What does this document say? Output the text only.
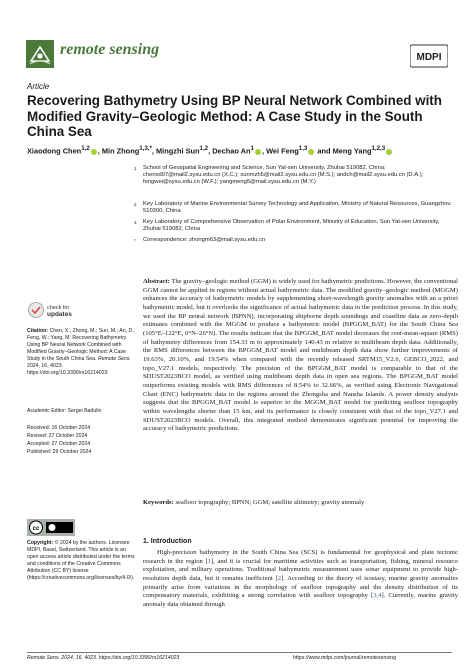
remote sensing	MDPI
Article
Recovering Bathymetry Using BP Neural Network Combined with Modified Gravity–Geologic Method: A Case Study in the South China Sea
Xiaodong Chen$^{1,2}$ , Min Zhong$^{1,3,*}$, Mingzhi Sun$^{1,2}$, Dechao An$^1$ , Wei Feng$^{1,3}$ and Meng Yang$^{1,2,3}$
1 School of Geospatial Engineering and Science, Sun Yat-sen University, Zhuhai 519082, China; chenxd97@mail2.sysu.edu.cn (X.C.); sunmzh5@mail2.sysu.edu.cn (M.S.); andch@mail2.sysu.edu.cn (D.A.); fengwei@sysu.edu.cn (W.F.); yangmeng5@mail.sysu.edu.cn (M.Y.)
2 Key Laboratory of Marine Environmental Survey Technology and Application, Ministry of Natural Resources, Guangzhou 510300, China
3 Key Laboratory of Comprehensive Observation of Polar Environment, Ministry of Education, Sun Yat-sen University, Zhuhai 519082, China
* Correspondence: zhongm63@mail.sysu.edu.cn
Abstract: The gravity–geologic method (GGM) is widely used for bathymetric predictions. However, the conventional GGM cannot be applied in regions without actual bathymetric data. The modified gravity–geologic method (MGGM) enhances the accuracy of bathymetric models by supplementing short-wavelength gravity anomalies with an a priori bathymetric model, but it overlooks the significance of actual bathymetric data in the prediction process. In this study, we used the BP neural network (BPNN), incorporating shipborne depth soundings and coastline data as zero-depth estimates combined with the MGGM to produce a bathymetric model (BPGGM_BAT) for the South China Sea (105°E–122°E, 0°N–26°N). The results indicate that the BPGGM_BAT model decreases the root-mean-square (RMS) of bathymetry differences from 154.33 m to approximately 140.43 m relative to multibeam depth data. Additionally, the RMS differences between the BPGGM_BAT model and multibeam depth data show further improvements of 19.63%, 20.10%, and 19.54% when compared with the recently released SRTM15_V2.6, GEBCO_2022, and topo_V27.1 models, respectively. The precision of the BPGGM_BAT model is comparable to that of the SDUST2023BCO model, as verified using multibeam depth data in open sea regions. The BPGGM_BAT model outperforms existing models with RMS differences of 8.54% to 32.66%, as verified using Electronic Navigational Chart (ENC) bathymetric data in the regions around the Zhongsha and Nansha Islands. A power density analysis suggests that the BPGGM_BAT model is superior to the MGGM_BAT model for predicting seafloor topography within wavelengths shorter than 15 km, and its performance is closely consistent with that of the topo_V27.1 and SDUST2023BCO models. Overall, this integrated method demonstrates significant potential for improving the accuracy of bathymetric predictions.
Keywords: seafloor topography; BPNN; GGM; satellite altimetry; gravity anomaly
1. Introduction
High-precision bathymetry in the South China Sea (SCS) is fundamental for geophysical and plate tectonic research in the region [1], and it is crucial for maritime activities such as transportation, fishing, mineral resource exploitation, and military operations. Traditional bathymetric measurement uses sonar equipment to provide high-resolution depth data, but it remains inefficient [2]. According to the theory of isostasy, marine gravity anomalies primarily arise from variations in the morphology of seafloor topography and the density distribution of its compensatory materials, exhibiting a strong correlation with seafloor topography [3,4]. Currently, marine gravity anomaly data obtained through
check for
updates
Citation: Chen, X.; Zhong, M.; Sun, M.; An, D.; Feng, W.; Yang, M. Recovering Bathymetry Using BP Neural Network Combined with Modified Gravity–Geologic Method: A Case Study in the South China Sea. Remote Sens. 2024, 16, 4023. https://doi.org/10.3390/rs16214023
Academic Editor: Sergei Badulin
Received: 16 October 2024
Revised: 27 October 2024
Accepted: 27 October 2024
Published: 29 October 2024
cc
Copyright: © 2024 by the authors. Licensee MDPI, Basel, Switzerland. This article is an open access article distributed under the terms and conditions of the Creative Commons Attribution (CC BY) license (https://creativecommons.org/licenses/by/4.0/).
Remote Sens. 2024, 16, 4023. https://doi.org/10.3390/rs16214023	https://www.mdpi.com/journal/remotesensing
